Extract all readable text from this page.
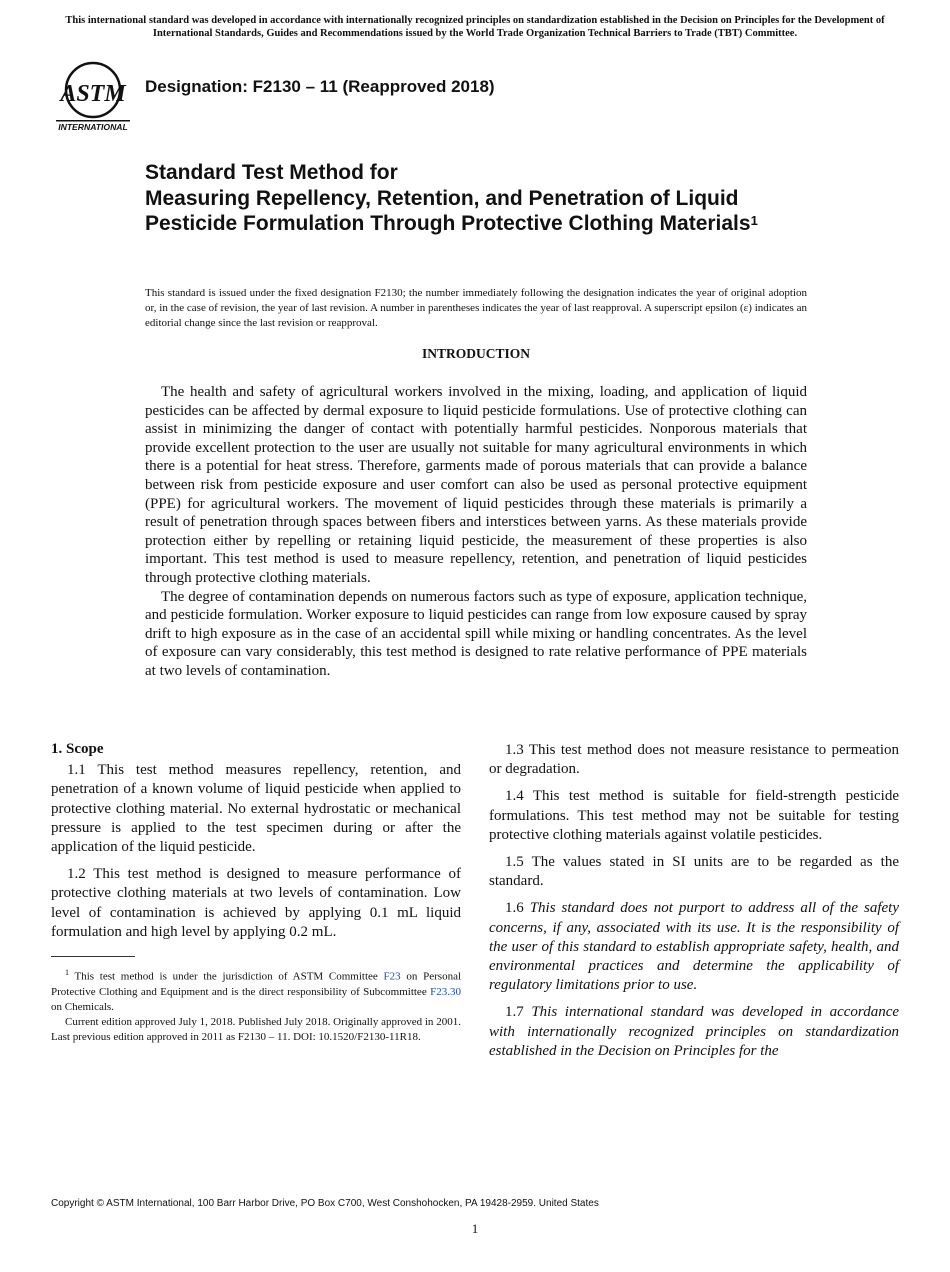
This international standard was developed in accordance with internationally recognized principles on standardization established in the Decision on Principles for the Development of International Standards, Guides and Recommendations issued by the World Trade Organization Technical Barriers to Trade (TBT) Committee.
ASTM
INTERNATIONAL
Designation: F2130 – 11 (Reapproved 2018)
Standard Test Method for
Measuring Repellency, Retention, and Penetration of Liquid Pesticide Formulation Through Protective Clothing Materials$^1$

This standard is issued under the fixed designation F2130; the number immediately following the designation indicates the year of original adoption or, in the case of revision, the year of last revision. A number in parentheses indicates the year of last reapproval. A superscript epsilon (ε) indicates an editorial change since the last revision or reapproval.

INTRODUCTION

The health and safety of agricultural workers involved in the mixing, loading, and application of liquid pesticides can be affected by dermal exposure to liquid pesticide formulations. Use of protective clothing can assist in minimizing the danger of contact with potentially harmful pesticides. Nonporous materials that provide excellent protection to the user are usually not suitable for many agricultural environments in which there is a potential for heat stress. Therefore, garments made of porous materials that can provide a balance between risk from pesticide exposure and user comfort can also be used as personal protective equipment (PPE) for agricultural workers. The movement of liquid pesticides through these materials is primarily a result of penetration through spaces between fibers and interstices between yarns. As these materials provide protection either by repelling or retaining liquid pesticide, the measurement of these properties is also important. This test method is used to measure repellency, retention, and penetration of liquid pesticides through protective clothing materials.

The degree of contamination depends on numerous factors such as type of exposure, application technique, and pesticide formulation. Worker exposure to liquid pesticides can range from low exposure caused by spray drift to high exposure as in the case of an accidental spill while mixing or handling concentrates. As the level of exposure can vary considerably, this test method is designed to rate relative performance of PPE materials at two levels of contamination.

1. Scope

1.1 This test method measures repellency, retention, and penetration of a known volume of liquid pesticide when applied to protective clothing material. No external hydrostatic or mechanical pressure is applied to the test specimen during or after the application of the liquid pesticide.

1.2 This test method is designed to measure performance of protective clothing materials at two levels of contamination. Low level of contamination is achieved by applying 0.1 mL liquid formulation and high level by applying 0.2 mL.

$^1$ This test method is under the jurisdiction of ASTM Committee F23 on Personal Protective Clothing and Equipment and is the direct responsibility of Subcommittee F23.30 on Chemicals.

Current edition approved July 1, 2018. Published July 2018. Originally approved in 2001. Last previous edition approved in 2011 as F2130 – 11. DOI: 10.1520/F2130-11R18.

1.3 This test method does not measure resistance to permeation or degradation.

1.4 This test method is suitable for field-strength pesticide formulations. This test method may not be suitable for testing protective clothing materials against volatile pesticides.

1.5 The values stated in SI units are to be regarded as the standard.

1.6 This standard does not purport to address all of the safety concerns, if any, associated with its use. It is the responsibility of the user of this standard to establish appropriate safety, health, and environmental practices and determine the applicability of regulatory limitations prior to use.

1.7 This international standard was developed in accordance with internationally recognized principles on standardization established in the Decision on Principles for the

Copyright © ASTM International, 100 Barr Harbor Drive, PO Box C700, West Conshohocken, PA 19428-2959. United States
1
